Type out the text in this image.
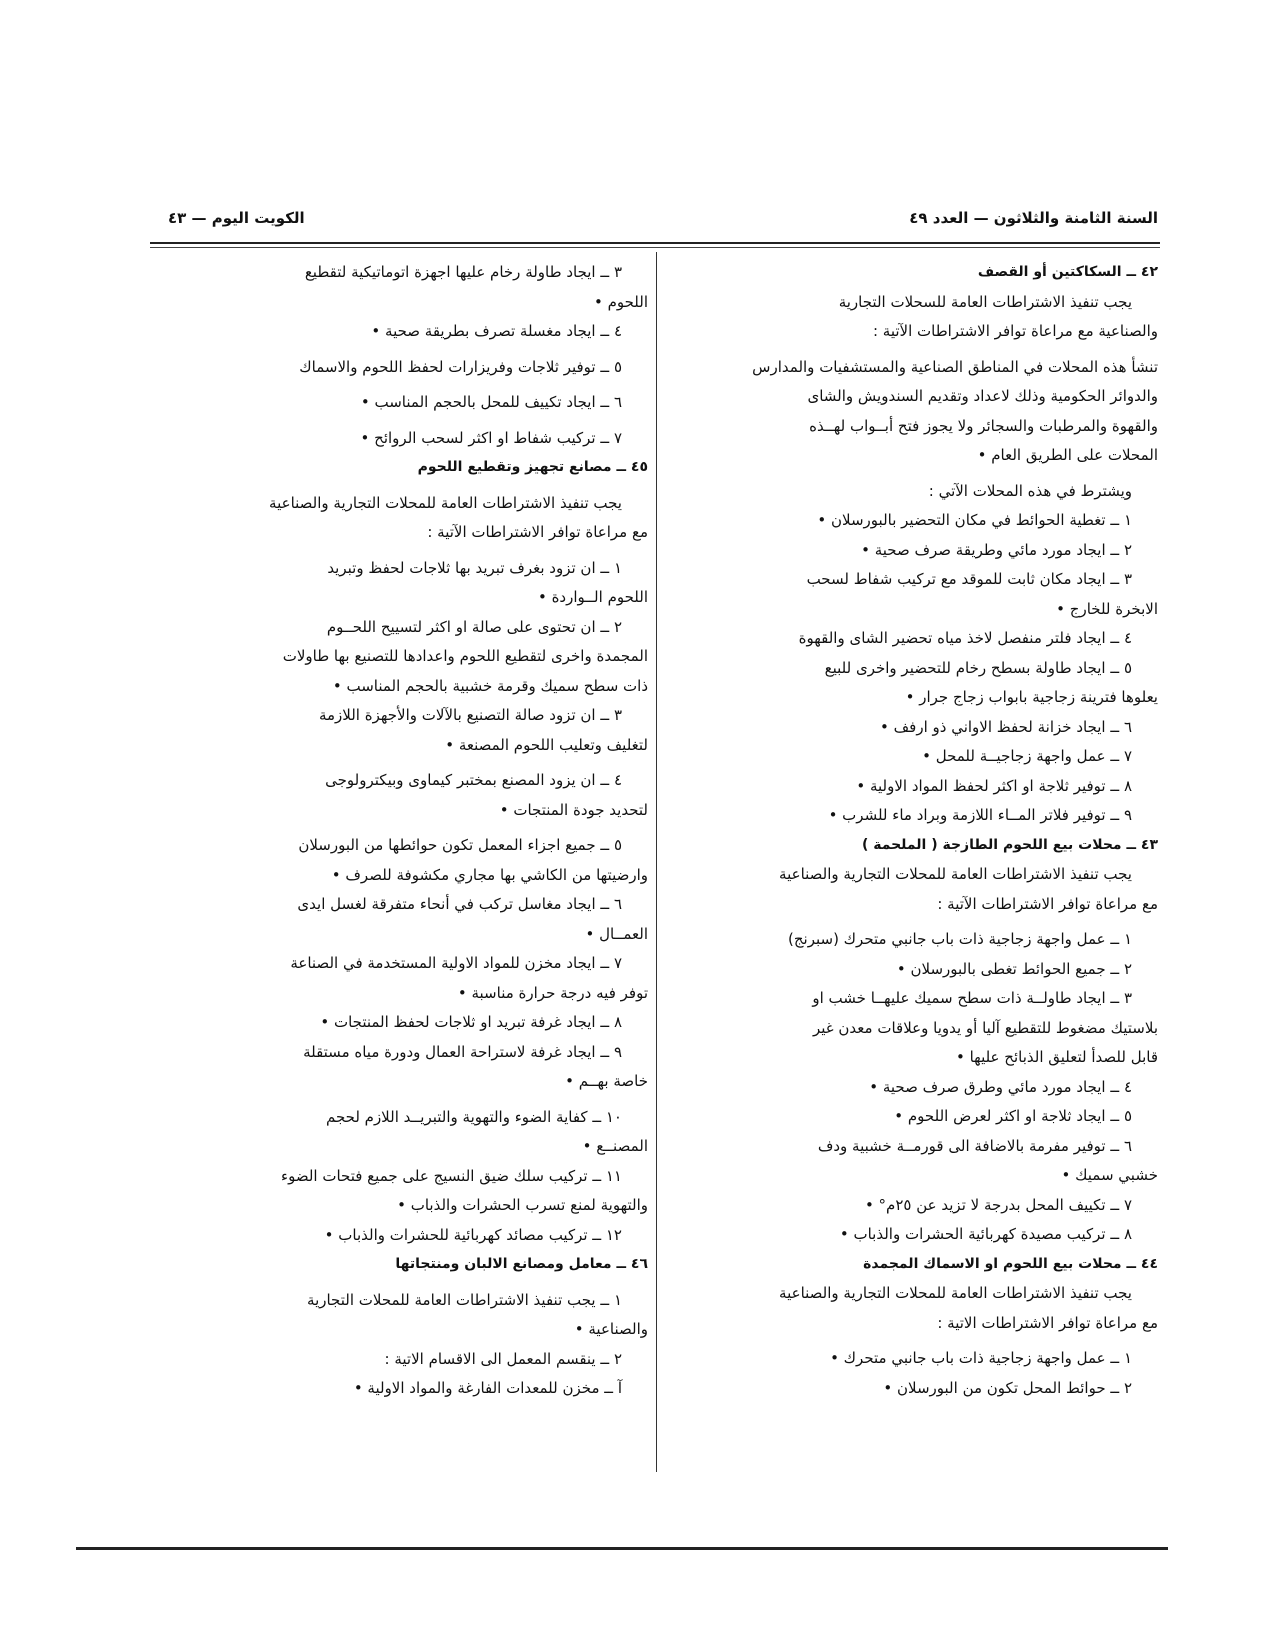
السنة الثامنة والثلاثون — العدد ٤٩
الكويت اليوم — ٤٣

٤٢ ــ السكاكتين أو القصف

يجب تنفيذ الاشتراطات العامة للسحلات التجارية

والصناعية مع مراعاة توافر الاشتراطات الآتية :

تنشأ هذه المحلات في المناطق الصناعية والمستشفيات والمدارس

والدوائر الحكومية وذلك لاعداد وتقديم السندويش والشاى

والقهوة والمرطبات والسجائر ولا يجوز فتح أبــواب لهــذه

المحلات على الطريق العام •

ويشترط في هذه المحلات الآتي :

١ ــ تغطية الحوائط في مكان التحضير بالبورسلان •

٢ ــ ايجاد مورد مائي وطريقة صرف صحية •

٣ ــ ايجاد مكان ثابت للموقد مع تركيب شفاط لسحب

الابخرة للخارج •

٤ ــ ايجاد فلتر منفصل لاخذ مياه تحضير الشاى والقهوة

٥ ــ ايجاد طاولة بسطح رخام للتحضير واخرى للبيع

يعلوها فترينة زجاجية بابواب زجاج جرار •

٦ ــ ايجاد خزانة لحفظ الاواني ذو ارفف •

٧ ــ عمل واجهة زجاجيــة للمحل •

٨ ــ توفير ثلاجة او اكثر لحفظ المواد الاولية •

٩ ــ توفير فلاتر المــاء اللازمة وبراد ماء للشرب •

٤٣ ــ محلات بيع اللحوم الطازجة ( الملحمة )

يجب تنفيذ الاشتراطات العامة للمحلات التجارية والصناعية

مع مراعاة توافر الاشتراطات الآتية :

١ ــ عمل واجهة زجاجية ذات باب جانبي متحرك (سبرنج)

٢ ــ جميع الحوائط تغطى بالبورسلان •

٣ ــ ايجاد طاولــة ذات سطح سميك عليهــا خشب او

بلاستيك مضغوط للتقطيع آليا أو يدويا وعلاقات معدن غير

قابل للصدأ لتعليق الذبائح عليها •

٤ ــ ايجاد مورد مائي وطرق صرف صحية •

٥ ــ ايجاد ثلاجة او اكثر لعرض اللحوم •

٦ ــ توفير مفرمة بالاضافة الى قورمــة خشبية ودف

خشبي سميك •

٧ ــ تكييف المحل بدرجة لا تزيد عن ٢٥م° •

٨ ــ تركيب مصيدة كهربائية الحشرات والذباب •

٤٤ ــ محلات بيع اللحوم او الاسماك المجمدة

يجب تنفيذ الاشتراطات العامة للمحلات التجارية والصناعية

مع مراعاة توافر الاشتراطات الاتية :

١ ــ عمل واجهة زجاجية ذات باب جانبي متحرك •

٢ ــ حوائط المحل تكون من البورسلان •

٣ ــ ايجاد طاولة رخام عليها اجهزة اتوماتيكية لتقطيع

اللحوم •

٤ ــ ايجاد مغسلة تصرف بطريقة صحية •

٥ ــ توفير ثلاجات وفريزارات لحفظ اللحوم والاسماك

٦ ــ ايجاد تكييف للمحل بالحجم المناسب •

٧ ــ تركيب شفاط او اكثر لسحب الروائح •

٤٥ ــ مصانع تجهيز وتقطيع اللحوم

يجب تنفيذ الاشتراطات العامة للمحلات التجارية والصناعية

مع مراعاة توافر الاشتراطات الآتية :

١ ــ ان تزود بغرف تبريد بها ثلاجات لحفظ وتبريد

اللحوم الــواردة •

٢ ــ ان تحتوى على صالة او اكثر لتسييح اللحــوم

المجمدة واخرى لتقطيع اللحوم واعدادها للتصنيع بها طاولات

ذات سطح سميك وقرمة خشبية بالحجم المناسب •

٣ ــ ان تزود صالة التصنيع بالآلات والأجهزة اللازمة

لتغليف وتعليب اللحوم المصنعة •

٤ ــ ان يزود المصنع بمختبر كيماوى وبيكترولوجى

لتحديد جودة المنتجات •

٥ ــ جميع اجزاء المعمل تكون حوائطها من البورسلان

وارضيتها من الكاشي بها مجاري مكشوفة للصرف •

٦ ــ ايجاد مغاسل تركب في أنحاء متفرقة لغسل ايدى

العمــال •

٧ ــ ايجاد مخزن للمواد الاولية المستخدمة في الصناعة

توفر فيه درجة حرارة مناسبة •

٨ ــ ايجاد غرفة تبريد او ثلاجات لحفظ المنتجات •

٩ ــ ايجاد غرفة لاستراحة العمال ودورة مياه مستقلة

خاصة بهــم •

١٠ ــ كفاية الضوء والتهوية والتبريــد اللازم لحجم

المصنــع •

١١ ــ تركيب سلك ضيق النسيج على جميع فتحات الضوء

والتهوية لمنع تسرب الحشرات والذباب •

١٢ ــ تركيب مصائد كهربائية للحشرات والذباب •

٤٦ ــ معامل ومصانع الالبان ومنتجاتها

١ ــ يجب تنفيذ الاشتراطات العامة للمحلات التجارية

والصناعية •

٢ ــ ينقسم المعمل الى الاقسام الاتية :

آ ــ مخزن للمعدات الفارغة والمواد الاولية •
